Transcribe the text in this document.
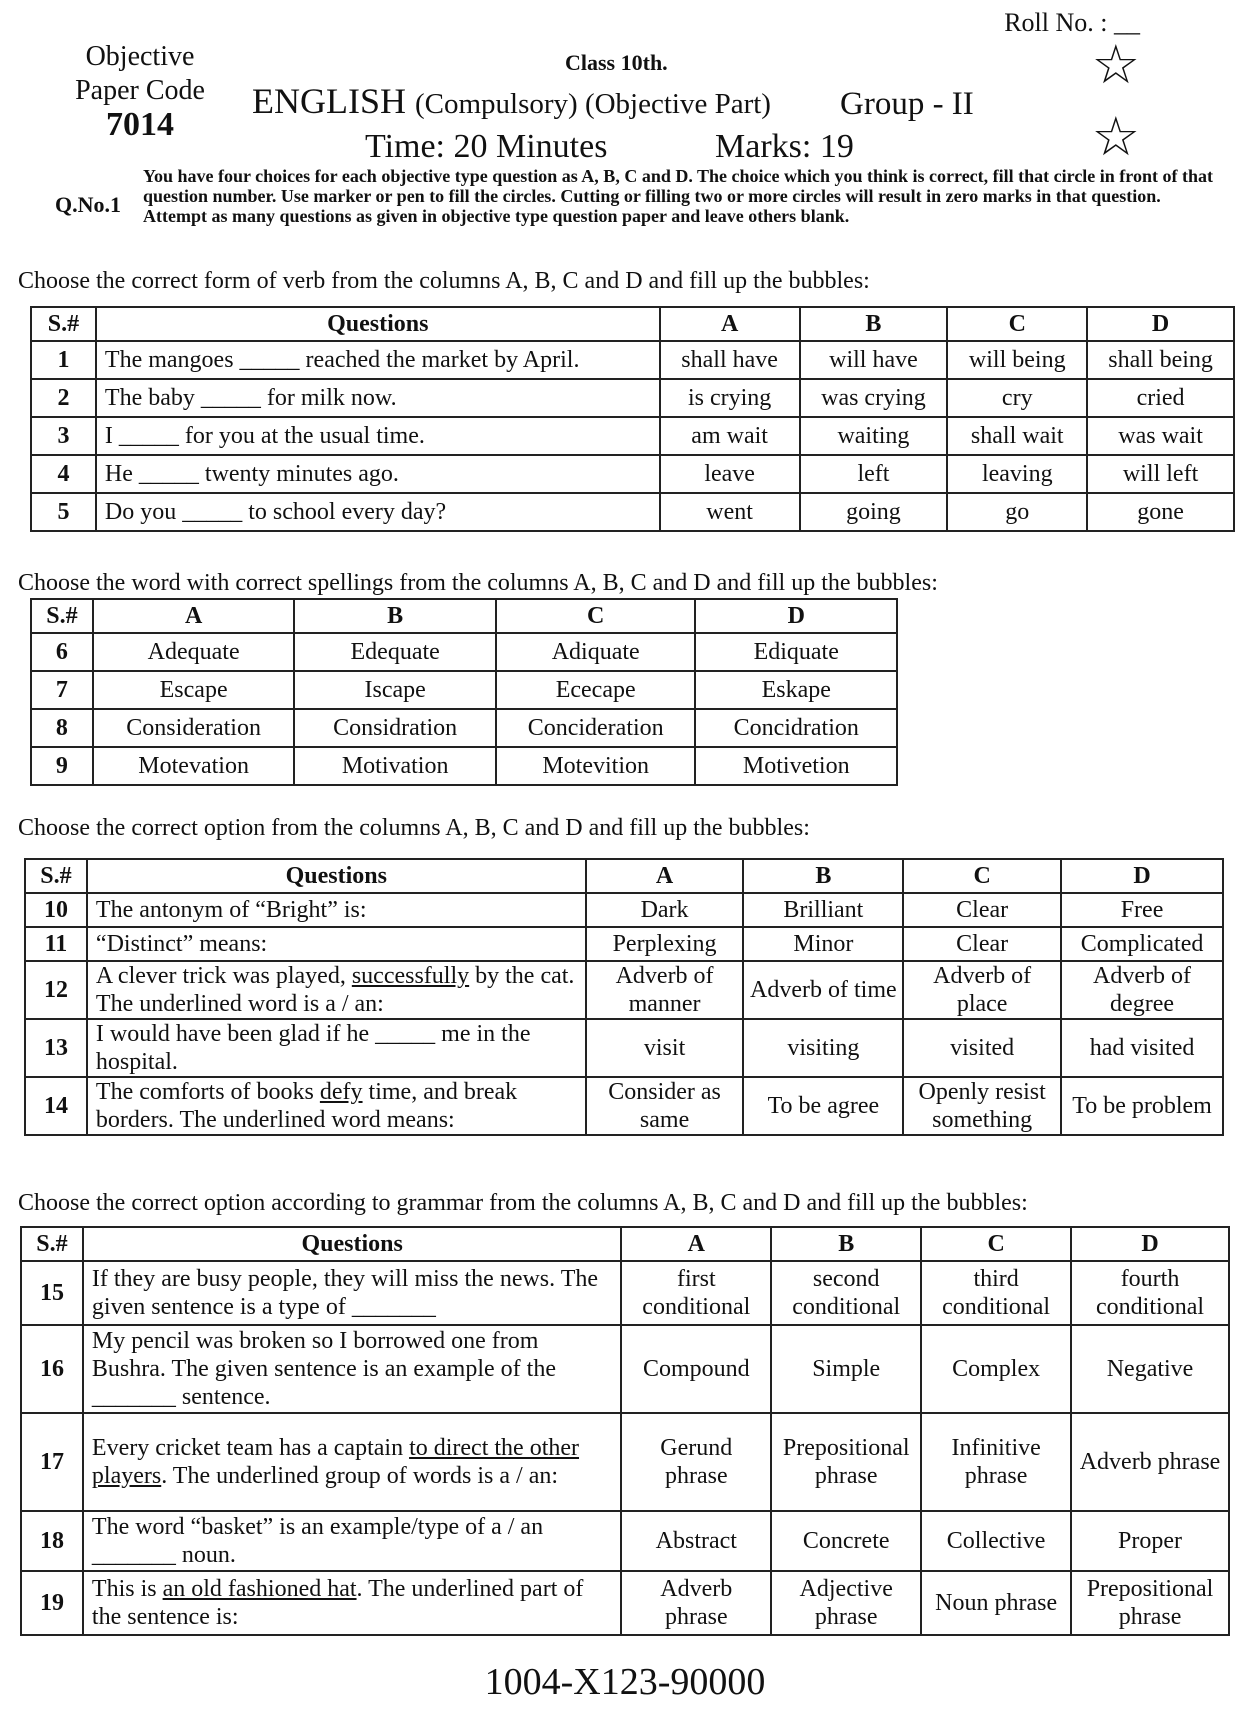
Roll No. : __
Objective
Paper Code
7014
Class 10th.
ENGLISH (Compulsory) (Objective Part) Group - II
Time: 20 Minutes	Marks: 19
☆
☆
Q.No.1
You have four choices for each objective type question as A, B, C and D. The choice which you think is correct, fill that circle in front of that question number. Use marker or pen to fill the circles. Cutting or filling two or more circles will result in zero marks in that question. Attempt as many questions as given in objective type question paper and leave others blank.
Choose the correct form of verb from the columns A, B, C and D and fill up the bubbles:
S.#	Questions	A	B	C	D
1	The mangoes _____ reached the market by April.	shall have	will have	will being	shall being
2	The baby _____ for milk now.	is crying	was crying	cry	cried
3	I _____ for you at the usual time.	am wait	waiting	shall wait	was wait
4	He _____ twenty minutes ago.	leave	left	leaving	will left
5	Do you _____ to school every day?	went	going	go	gone
Choose the word with correct spellings from the columns A, B, C and D and fill up the bubbles:
S.#	A	B	C	D
6	Adequate	Edequate	Adiquate	Ediquate
7	Escape	Iscape	Ececape	Eskape
8	Consideration	Considration	Concideration	Concidration
9	Motevation	Motivation	Motevition	Motivetion
Choose the correct option from the columns A, B, C and D and fill up the bubbles:
S.#	Questions	A	B	C	D
10	The antonym of “Bright” is:	Dark	Brilliant	Clear	Free
11	“Distinct” means:	Perplexing	Minor	Clear	Complicated
12	A clever trick was played, successfully by the cat. The underlined word is a / an:	Adverb of manner	Adverb of time	Adverb of place	Adverb of degree
13	I would have been glad if he _____ me in the hospital.	visit	visiting	visited	had visited
14	The comforts of books defy time, and break borders. The underlined word means:	Consider as same	To be agree	Openly resist something	To be problem
Choose the correct option according to grammar from the columns A, B, C and D and fill up the bubbles:
S.#	Questions	A	B	C	D
15	If they are busy people, they will miss the news. The given sentence is a type of _______	first conditional	second conditional	third conditional	fourth conditional
16	My pencil was broken so I borrowed one from Bushra. The given sentence is an example of the _______ sentence.	Compound	Simple	Complex	Negative
17	Every cricket team has a captain to direct the other players. The underlined group of words is a / an:	Gerund phrase	Prepositional phrase	Infinitive phrase	Adverb phrase
18	The word “basket” is an example/type of a / an _______ noun.	Abstract	Concrete	Collective	Proper
19	This is an old fashioned hat. The underlined part of the sentence is:	Adverb phrase	Adjective phrase	Noun phrase	Prepositional phrase
1004-X123-90000
